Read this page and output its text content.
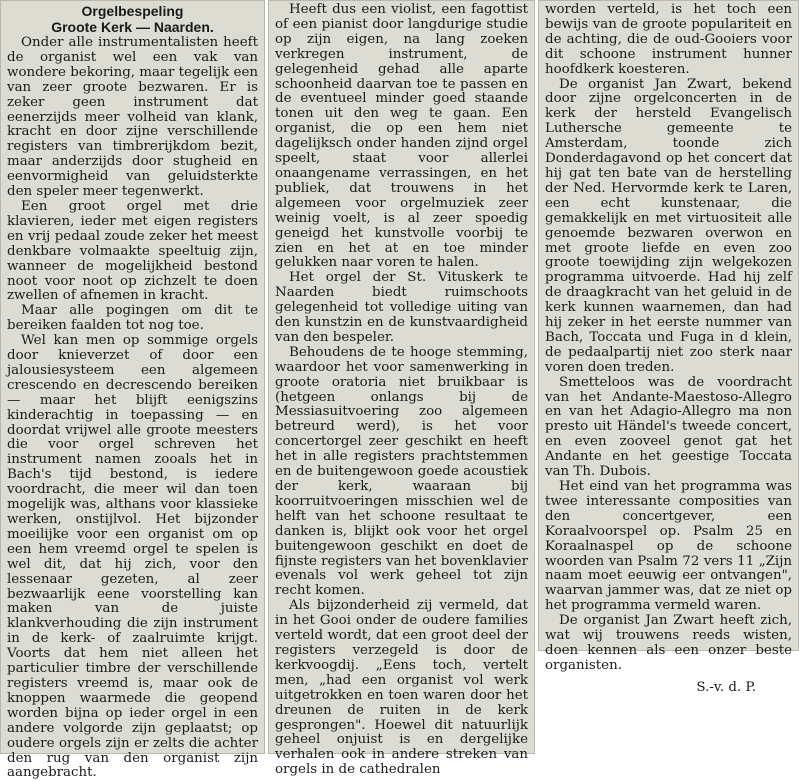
Orgelbespeling
Groote Kerk — Naarden.

Onder alle instrumentalisten heeft de organist wel een vak van wondere bekoring, maar tegelijk een van zeer groote bezwaren. Er is zeker geen instrument dat eenerzijds meer volheid van klank, kracht en door zijne verschillende registers van timbrerijkdom bezit, maar anderzijds door stugheid en eenvormigheid van geluidsterkte den speler meer tegenwerkt.

Een groot orgel met drie klavieren, ieder met eigen registers en vrij pedaal zoude zeker het meest denkbare volmaakte speeltuig zijn, wanneer de mogelijkheid bestond noot voor noot op zichzelt te doen zwellen of afnemen in kracht.

Maar alle pogingen om dit te bereiken faalden tot nog toe.

Wel kan men op sommige orgels door knieverzet of door een jalousiesysteem een algemeen crescendo en decrescendo bereiken — maar het blijft eenigszins kinderachtig in toepassing — en doordat vrijwel alle groote meesters die voor orgel schreven het instrument namen zooals het in Bach's tijd bestond, is iedere voordracht, die meer wil dan toen mogelijk was, althans voor klassieke werken, onstijlvol. Het bijzonder moeilijke voor een organist om op een hem vreemd orgel te spelen is wel dit, dat hij zich, voor den lessenaar gezeten, al zeer bezwaarlijk eene voorstelling kan maken van de juiste klankverhouding die zijn instrument in de kerk- of zaalruimte krijgt. Voorts dat hem niet alleen het particulier timbre der verschillende registers vreemd is, maar ook de knoppen waarmede die geopend worden bijna op ieder orgel in een andere volgorde zijn geplaatst; op oudere orgels zijn er zelts die achter den rug van den organist zijn aangebracht.

Heeft dus een violist, een fagottist of een pianist door langdurige studie op zijn eigen, na lang zoeken verkregen instrument, de gelegenheid gehad alle aparte schoonheid daarvan toe te passen en de eventueel minder goed staande tonen uit den weg te gaan. Een organist, die op een hem niet dagelijksch onder handen zijnd orgel speelt, staat voor allerlei onaangename verrassingen, en het publiek, dat trouwens in het algemeen voor orgelmuziek zeer weinig voelt, is al zeer spoedig geneigd het kunstvolle voorbij te zien en het at en toe minder gelukken naar voren te halen.

Het orgel der St. Vituskerk te Naarden biedt ruimschoots gelegenheid tot volledige uiting van den kunstzin en de kunstvaardigheid van den bespeler.

Behoudens de te hooge stemming, waardoor het voor samenwerking in groote oratoria niet bruikbaar is (hetgeen onlangs bij de Messiasuitvoering zoo algemeen betreurd werd), is het voor concertorgel zeer geschikt en heeft het in alle registers prachtstemmen en de buitengewoon goede acoustiek der kerk, waaraan bij koorruitvoeringen misschien wel de helft van het schoone resultaat te danken is, blijkt ook voor het orgel buitengewoon geschikt en doet de fijnste registers van het bovenklavier evenals vol werk geheel tot zijn recht komen.

Als bijzonderheid zij vermeld, dat in het Gooi onder de oudere families verteld wordt, dat een groot deel der registers verzegeld is door de kerkvoogdij. „Eens toch, vertelt men, „had een organist vol werk uitgetrokken en toen waren door het dreunen de ruiten in de kerk gesprongen". Hoewel dit natuurlijk geheel onjuist is en dergelijke verhalen ook in andere streken van orgels in de cathedralen

worden verteld, is het toch een bewijs van de groote populariteit en de achting, die de oud-Gooiers voor dit schoone instrument hunner hoofdkerk koesteren.

De organist Jan Zwart, bekend door zijne orgelconcerten in de kerk der hersteld Evangelisch Luthersche gemeente te Amsterdam, toonde zich Donderdagavond op het concert dat hij gat ten bate van de herstelling der Ned. Hervormde kerk te Laren, een echt kunstenaar, die gemakkelijk en met virtuositeit alle genoemde bezwaren overwon en met groote liefde en even zoo groote toewijding zijn welgekozen programma uitvoerde. Had hij zelf de draagkracht van het geluid in de kerk kunnen waarnemen, dan had hij zeker in het eerste nummer van Bach, Toccata und Fuga in d klein, de pedaalpartij niet zoo sterk naar voren doen treden.

Smetteloos was de voordracht van het Andante-Maestoso-Allegro en van het Adagio-Allegro ma non presto uit Händel's tweede concert, en even zooveel genot gat het Andante en het geestige Toccata van Th. Dubois.

Het eind van het programma was twee interessante composities van den concertgever, een Koraalvoorspel op. Psalm 25 en Koraalnaspel op de schoone woorden van Psalm 72 vers 11 „Zijn naam moet eeuwig eer ontvangen", waarvan jammer was, dat ze niet op het programma vermeld waren.

De organist Jan Zwart heeft zich, wat wij trouwens reeds wisten, doen kennen als een onzer beste organisten.

S.-v. d. P.
